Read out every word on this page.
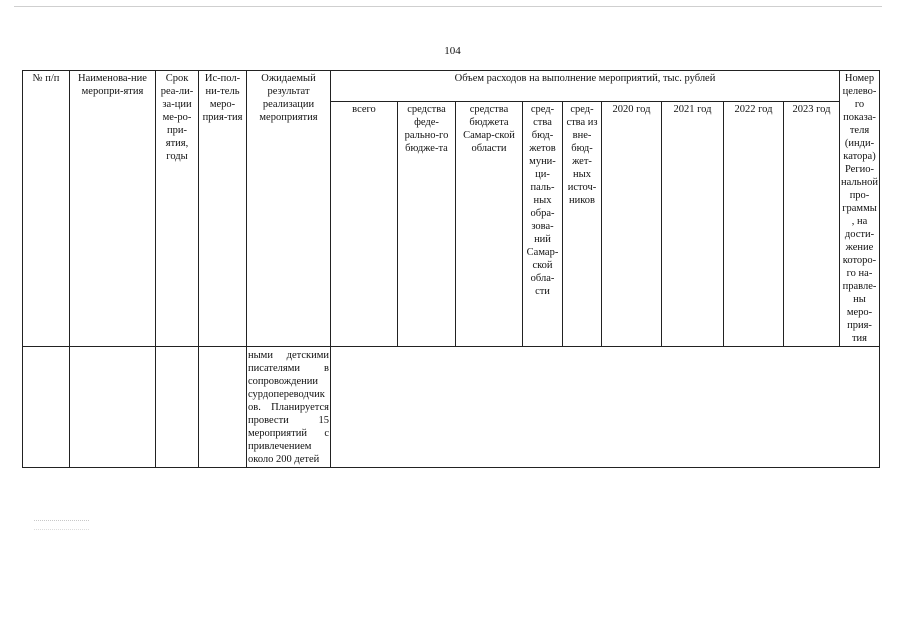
104
№ п/п	Наименова-ние меропри-ятия	Срок реа-ли-за-ции ме-ро-при-ятия, годы	Ис-пол-ни-тель меро-прия-тия	Ожидаемый результат реализации мероприятия	Объем расходов на выполнение мероприятий, тыс. рублей									Номер целево-го показа-теля (инди-катора) Регио-нальной про-граммы, на дости-жение которо-го на-правле-ны меро-прия-тия
					всего	средства феде-рально-го бюдже-та	средства бюджета Самар-ской области	сред-ства бюд-жетов муни-ци-паль-ных обра-зова-ний Самар-ской обла-сти	сред-ства из вне-бюд-жет-ных источ-ников	2020 год	2021 год	2022 год	2023 год	
				ными детскими писателями в сопровождении сурдопереводчиков. Планируется провести 15 мероприятий с привлечением около 200 детей										
